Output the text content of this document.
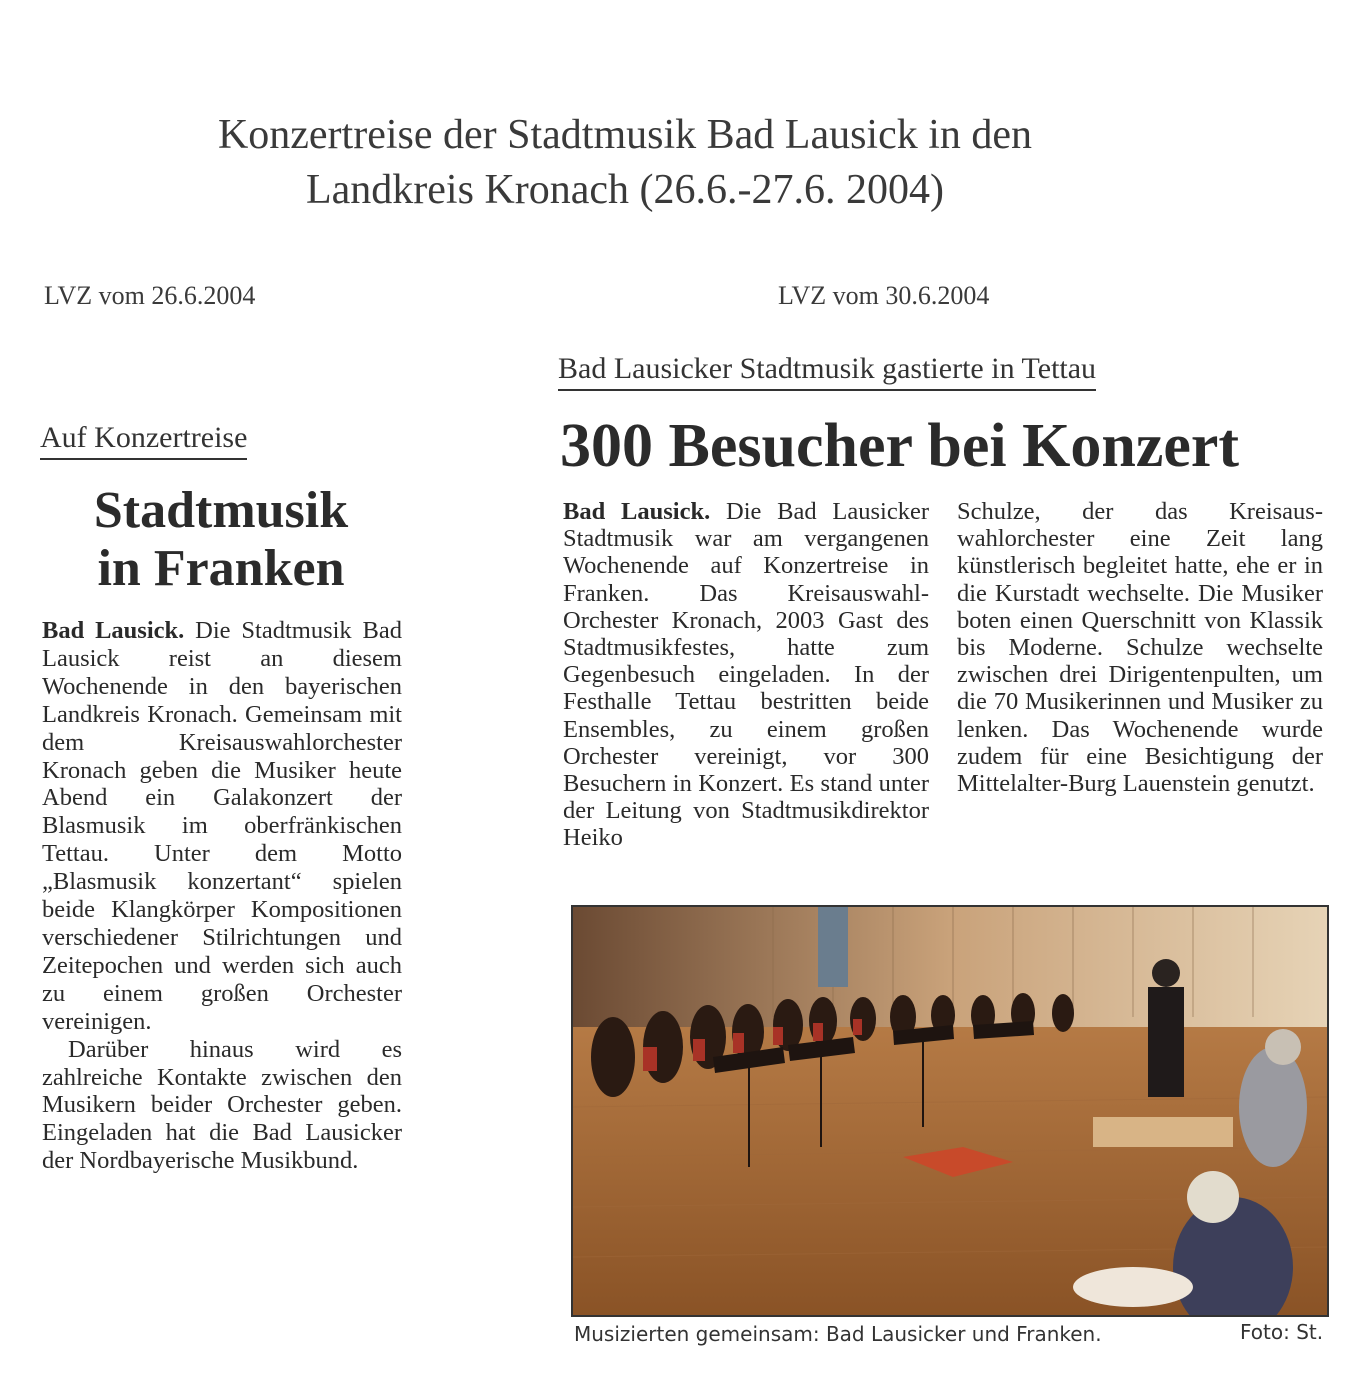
Konzertreise der Stadtmusik Bad Lausick in den
Landkreis Kronach (26.6.-27.6. 2004)
LVZ vom 26.6.2004	LVZ vom 30.6.2004
Auf Konzertreise
Stadtmusik
in Franken

Bad Lausick. Die Stadtmusik Bad Lausick reist an diesem Wochenende in den bayerischen Landkreis Kronach. Gemeinsam mit dem Kreisauswahlorchester Kronach geben die Musiker heute Abend ein Galakonzert der Blasmusik im oberfränkischen Tettau. Unter dem Motto „Blasmusik konzertant“ spielen beide Klangkörper Kompositionen verschiedener Stilrichtungen und Zeitepochen und werden sich auch zu einem großen Orchester vereinigen.

Darüber hinaus wird es zahlreiche Kontakte zwischen den Musikern beider Orchester geben. Eingeladen hat die Bad Lausicker der Nordbayerische Musikbund.

Bad Lausicker Stadtmusik gastierte in Tettau
300 Besucher bei Konzert

Bad Lausick. Die Bad Lausicker Stadtmusik war am vergangenen Wochenende auf Konzertreise in Franken. Das Kreisauswahl-Orchester Kronach, 2003 Gast des Stadtmusikfestes, hatte zum Gegenbesuch eingeladen. In der Festhalle Tettau bestritten beide Ensembles, zu einem großen Orchester vereinigt, vor 300 Besuchern in Konzert. Es stand unter der Leitung von Stadtmusikdirektor Heiko

Schulze, der das Kreisauswahlorchester eine Zeit lang künstlerisch begleitet hatte, ehe er in die Kurstadt wechselte. Die Musiker boten einen Querschnitt von Klassik bis Moderne. Schulze wechselte zwischen drei Dirigentenpulten, um die 70 Musikerinnen und Musiker zu lenken. Das Wochenende wurde zudem für eine Besichtigung der Mittelalter-Burg Lauenstein genutzt.

Musizierten gemeinsam: Bad Lausicker und Franken.	Foto: St.
